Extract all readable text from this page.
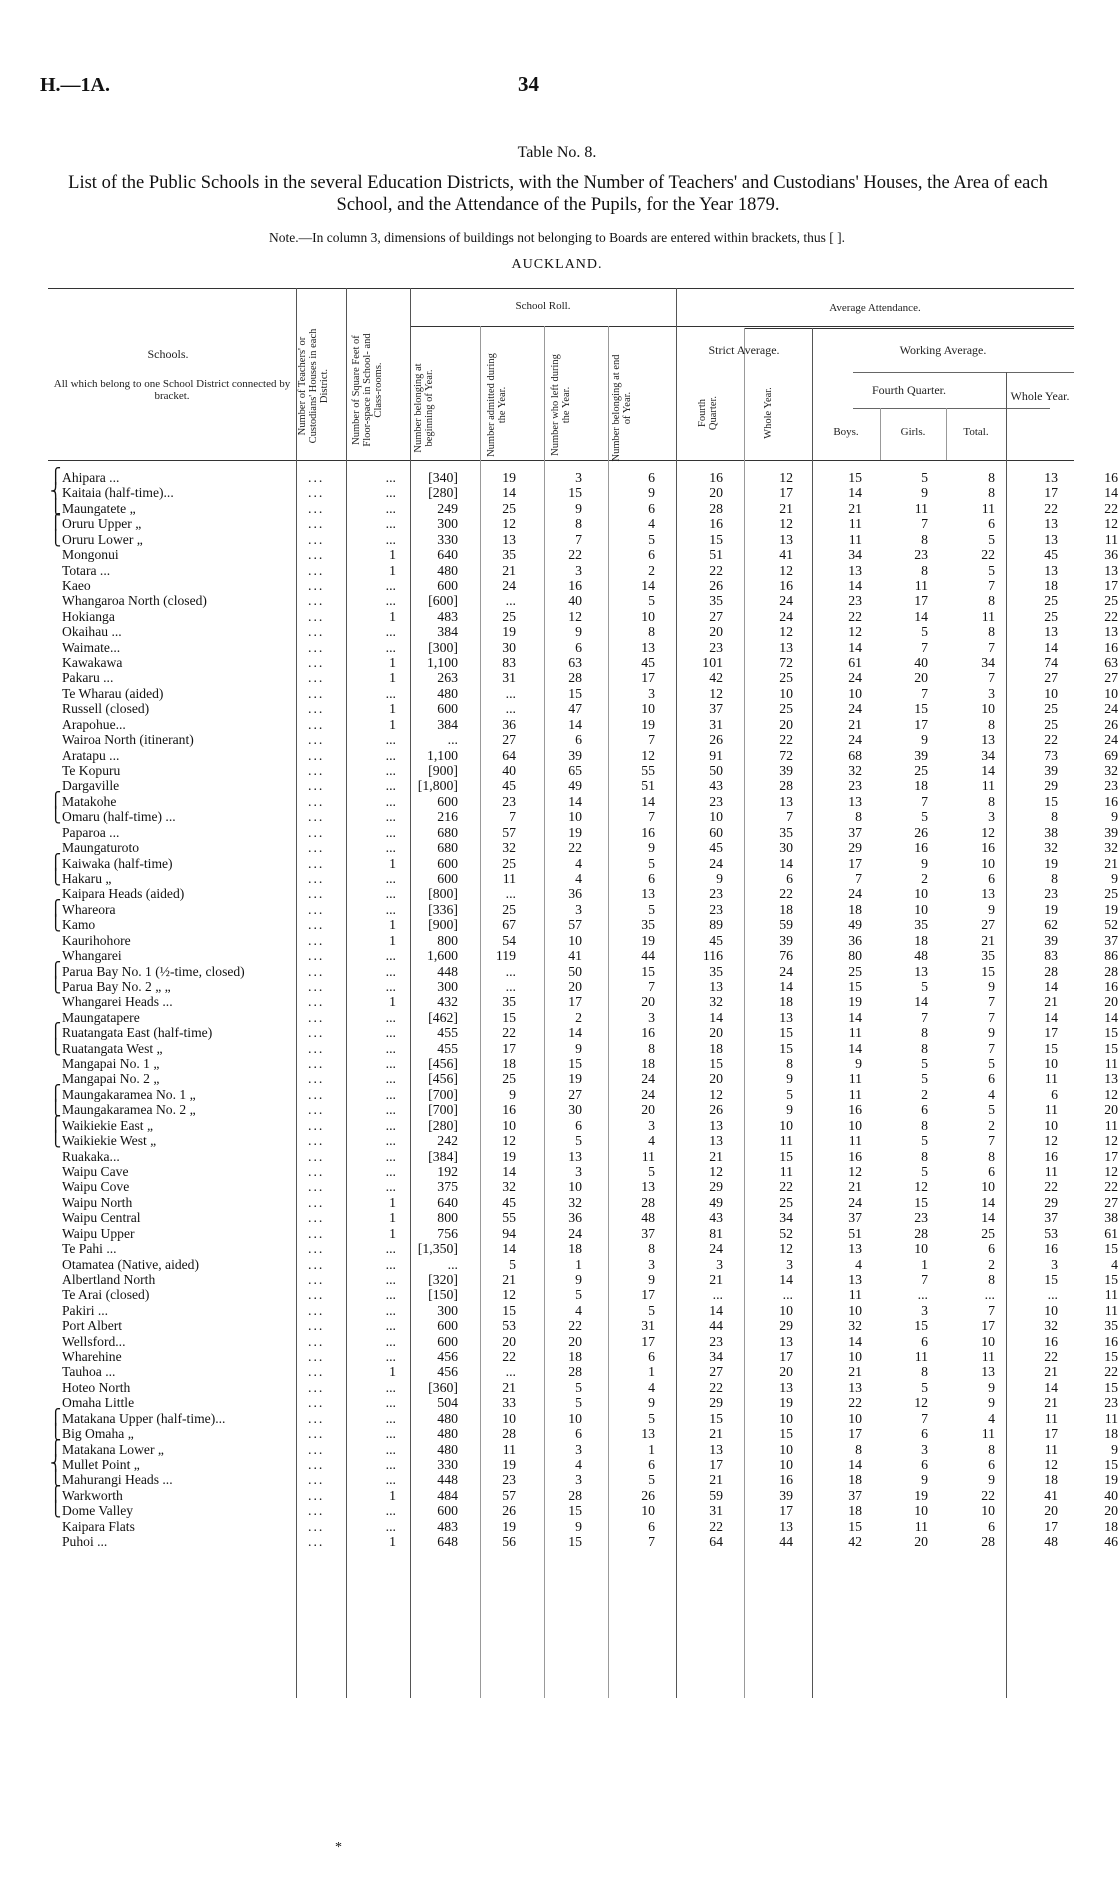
H.—1A.	34
Table No. 8.
List of the Public Schools in the several Education Districts, with the Number of Teachers' and Custodians' Houses, the Area of each School, and the Attendance of the Pupils, for the Year 1879.
Note.—In column 3, dimensions of buildings not belonging to Boards are entered within brackets, thus [ ].
AUCKLAND.
Schools.
All which belong to one School District connected by bracket.	Number of Teachers' or Custodians' Houses in each District.	Number of Square Feet of Floor-space in School- and Class-rooms.
School Roll.
Number belonging at beginning of Year.	Number admitted during the Year.	Number who left during the Year.	Number belonging at end of Year.
Average Attendance.
Strict Average.
Fourth Quarter.	Whole Year.
Working Average.
Fourth Quarter.
Boys.	Girls.	Total.
Whole Year.
⎧ Ahipara ...	...	...	[340]	19	3	6	16	12	15	5	8	13	16
⎨ Kaitaia (half-time)...	...	...	[280]	14	15	9	20	17	14	9	8	17	14
⎩ Maungatete „	...	...	249	25	9	6	28	21	21	11	11	22	22
⎧ Oruru Upper „	...	...	300	12	8	4	16	12	11	7	6	13	12
⎩ Oruru Lower „	...	...	330	13	7	5	15	13	11	8	5	13	11
Mongonui	...	1	640	35	22	6	51	41	34	23	22	45	36
Totara ...	...	1	480	21	3	2	22	12	13	8	5	13	13
Kaeo	...	...	600	24	16	14	26	16	14	11	7	18	17
Whangaroa North (closed)	...	...	[600]	...	40	5	35	24	23	17	8	25	25
Hokianga	...	1	483	25	12	10	27	24	22	14	11	25	22
Okaihau ...	...	...	384	19	9	8	20	12	12	5	8	13	13
Waimate...	...	...	[300]	30	6	13	23	13	14	7	7	14	16
Kawakawa	...	1	1,100	83	63	45	101	72	61	40	34	74	63
Pakaru ...	...	1	263	31	28	17	42	25	24	20	7	27	27
Te Wharau (aided)	...	...	480	...	15	3	12	10	10	7	3	10	10
Russell (closed)	...	1	600	...	47	10	37	25	24	15	10	25	24
Arapohue...	...	1	384	36	14	19	31	20	21	17	8	25	26
Wairoa North (itinerant)	...	...	...	27	6	7	26	22	24	9	13	22	24
Aratapu ...	...	...	1,100	64	39	12	91	72	68	39	34	73	69
Te Kopuru	...	...	[900]	40	65	55	50	39	32	25	14	39	32
Dargaville	...	...	[1,800]	45	49	51	43	28	23	18	11	29	23
⎧ Matakohe	...	...	600	23	14	14	23	13	13	7	8	15	16
⎩ Omaru (half-time) ...	...	...	216	7	10	7	10	7	8	5	3	8	9
Paparoa ...	...	...	680	57	19	16	60	35	37	26	12	38	39
Maungaturoto	...	...	680	32	22	9	45	30	29	16	16	32	32
⎧ Kaiwaka (half-time)	...	1	600	25	4	5	24	14	17	9	10	19	21
⎩ Hakaru „	...	...	600	11	4	6	9	6	7	2	6	8	9
Kaipara Heads (aided)	...	...	[800]	...	36	13	23	22	24	10	13	23	25
⎧ Whareora	...	...	[336]	25	3	5	23	18	18	10	9	19	19
⎩ Kamo	...	1	[900]	67	57	35	89	59	49	35	27	62	52
Kaurihohore	...	1	800	54	10	19	45	39	36	18	21	39	37
Whangarei	...	...	1,600	119	41	44	116	76	80	48	35	83	86
⎧ Parua Bay No. 1 (½-time, closed)	...	...	448	...	50	15	35	24	25	13	15	28	28
⎩ Parua Bay No. 2 „ „	...	...	300	...	20	7	13	14	15	5	9	14	16
Whangarei Heads ...	...	1	432	35	17	20	32	18	19	14	7	21	20
Maungatapere	...	...	[462]	15	2	3	14	13	14	7	7	14	14
⎧ Ruatangata East (half-time)	...	...	455	22	14	16	20	15	11	8	9	17	15
⎩ Ruatangata West „	...	...	455	17	9	8	18	15	14	8	7	15	15
Mangapai No. 1 „	...	...	[456]	18	15	18	15	8	9	5	5	10	11
Mangapai No. 2 „	...	...	[456]	25	19	24	20	9	11	5	6	11	13
⎧ Maungakaramea No. 1 „	...	...	[700]	9	27	24	12	5	11	2	4	6	12
⎩ Maungakaramea No. 2 „	...	...	[700]	16	30	20	26	9	16	6	5	11	20
⎧ Waikiekie East „	...	...	[280]	10	6	3	13	10	10	8	2	10	11
⎩ Waikiekie West „	...	...	242	12	5	4	13	11	11	5	7	12	12
Ruakaka...	...	...	[384]	19	13	11	21	15	16	8	8	16	17
Waipu Cave	...	...	192	14	3	5	12	11	12	5	6	11	12
Waipu Cove	...	...	375	32	10	13	29	22	21	12	10	22	22
Waipu North	...	1	640	45	32	28	49	25	24	15	14	29	27
Waipu Central	...	1	800	55	36	48	43	34	37	23	14	37	38
Waipu Upper	...	1	756	94	24	37	81	52	51	28	25	53	61
Te Pahi ...	...	...	[1,350]	14	18	8	24	12	13	10	6	16	15
Otamatea (Native, aided)	...	...	...	5	1	3	3	3	4	1	2	3	4
Albertland North	...	...	[320]	21	9	9	21	14	13	7	8	15	15
Te Arai (closed)	...	...	[150]	12	5	17	...	...	11	...	...	...	11
Pakiri ...	...	...	300	15	4	5	14	10	10	3	7	10	11
Port Albert	...	...	600	53	22	31	44	29	32	15	17	32	35
Wellsford...	...	...	600	20	20	17	23	13	14	6	10	16	16
Wharehine	...	...	456	22	18	6	34	17	10	11	11	22	15
Tauhoa ...	...	1	456	...	28	1	27	20	21	8	13	21	22
Hoteo North	...	...	[360]	21	5	4	22	13	13	5	9	14	15
Omaha Little	...	...	504	33	5	9	29	19	22	12	9	21	23
⎧ Matakana Upper (half-time)...	...	...	480	10	10	5	15	10	10	7	4	11	11
⎩ Big Omaha „	...	...	480	28	6	13	21	15	17	6	11	17	18
⎧ Matakana Lower „	...	...	480	11	3	1	13	10	8	3	8	11	9
⎨ Mullet Point „	...	...	330	19	4	6	17	10	14	6	6	12	15
⎩ Mahurangi Heads ...	...	...	448	23	3	5	21	16	18	9	9	18	19
⎧ Warkworth	...	1	484	57	28	26	59	39	37	19	22	41	40
⎩ Dome Valley	...	...	600	26	15	10	31	17	18	10	10	20	20
Kaipara Flats	...	...	483	19	9	6	22	13	15	11	6	17	18
Puhoi ...	...	1	648	56	15	7	64	44	42	20	28	48	46
*
